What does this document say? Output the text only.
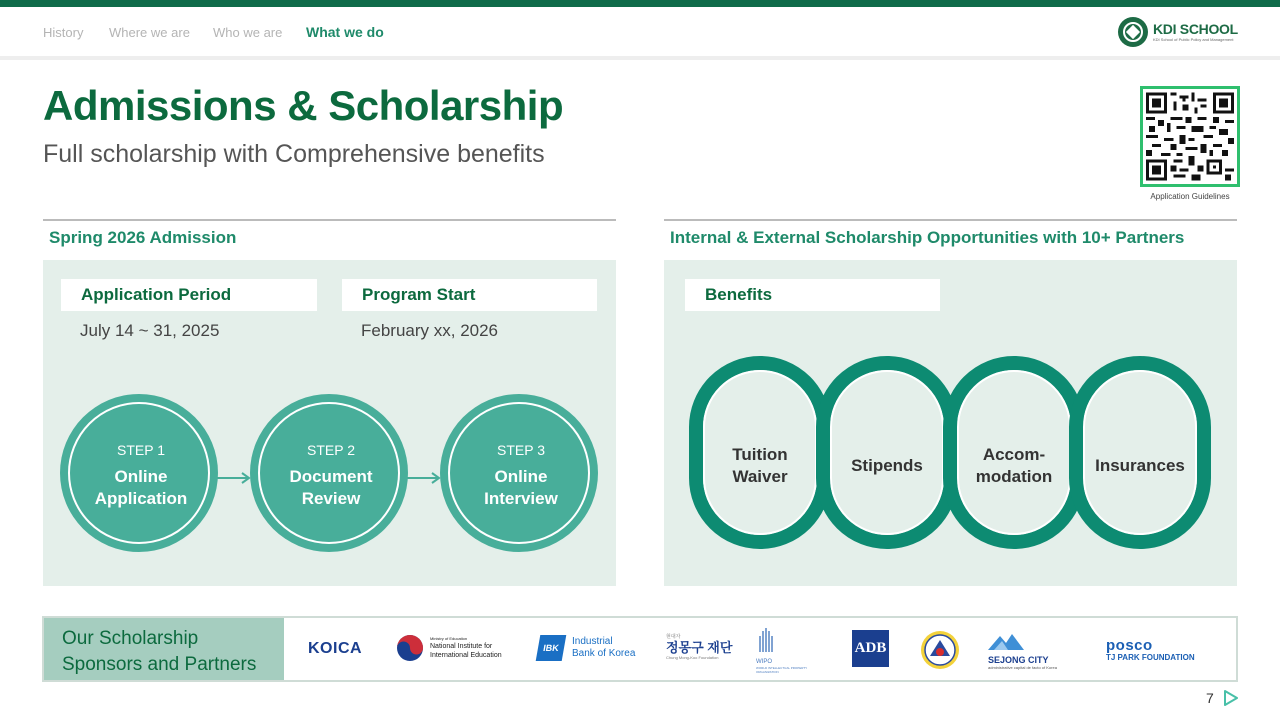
History Where we are Who we are What we do	KDI SCHOOL
KDI School of Public Policy and Management
Admissions & Scholarship
Full scholarship with Comprehensive benefits
Application Guidelines
Spring 2026 Admission	Internal & External Scholarship Opportunities with 10+ Partners
Application Period
July 14 ~ 31, 2025
Program Start
February xx, 2026
STEP 1
Online
Application
STEP 2
Document
Review
STEP 3
Online
Interview
Benefits
Tuition
Waiver
Stipends
Accom-
modation
Insurances
Our Scholarship
Sponsors and Partners
KOICA
Ministry of Education
National Institute for
International Education
IBK
Industrial
Bank of Korea
현대자
정몽구 재단
Chung Mong-Koo Foundation
WIPO
WORLD INTELLECTUAL PROPERTY ORGANIZATION
ADB
SEJONG CITY
administrative capital de facto of Korea
posco
TJ PARK FOUNDATION
7
